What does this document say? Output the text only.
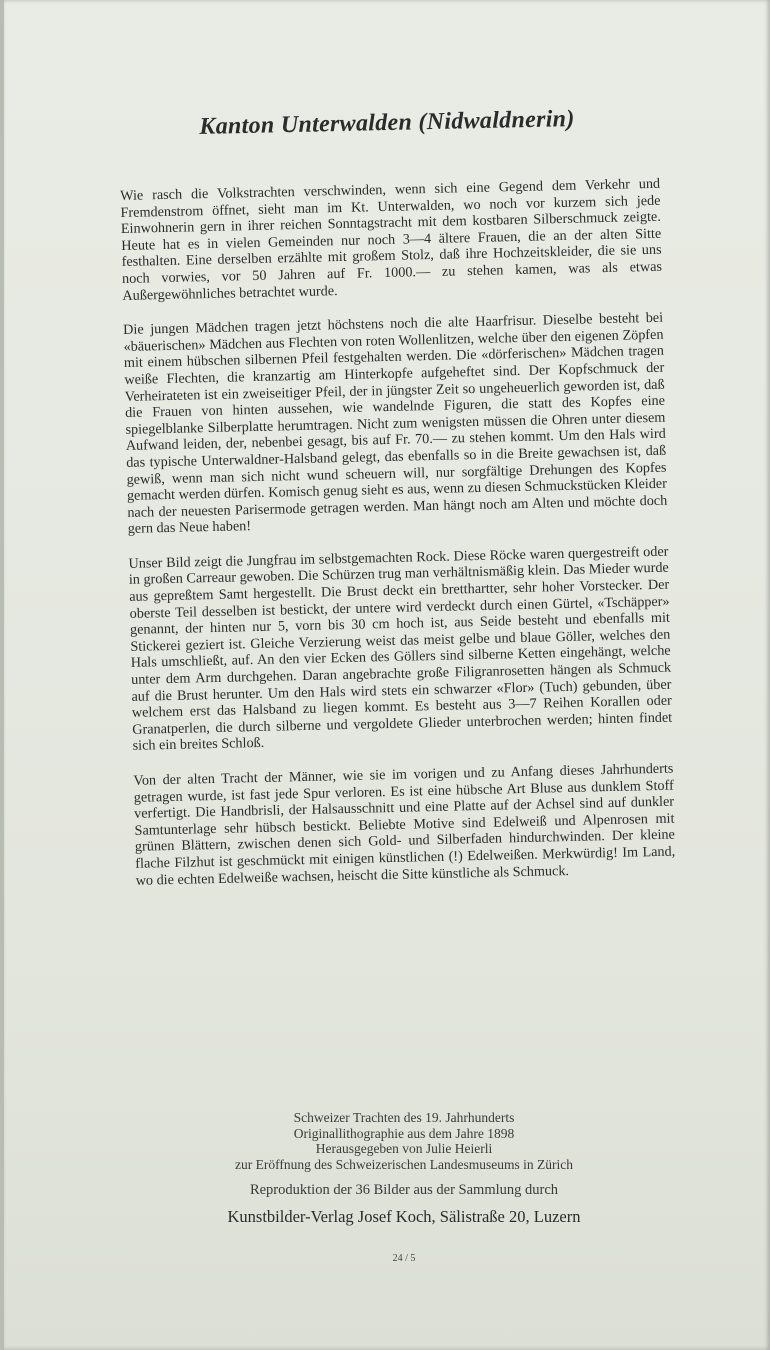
Kanton Unterwalden (Nidwaldnerin)

Wie rasch die Volkstrachten verschwinden, wenn sich eine Gegend dem Verkehr und Fremdenstrom öffnet, sieht man im Kt. Unterwalden, wo noch vor kurzem sich jede Einwohnerin gern in ihrer reichen Sonntagstracht mit dem kostbaren Silberschmuck zeigte. Heute hat es in vielen Gemeinden nur noch 3—4 ältere Frauen, die an der alten Sitte festhalten. Eine derselben erzählte mit großem Stolz, daß ihre Hochzeitskleider, die sie uns noch vorwies, vor 50 Jahren auf Fr. 1000.— zu stehen kamen, was als etwas Außergewöhnliches betrachtet wurde.

Die jungen Mädchen tragen jetzt höchstens noch die alte Haarfrisur. Dieselbe besteht bei «bäuerischen» Mädchen aus Flechten von roten Wollenlitzen, welche über den eigenen Zöpfen mit einem hübschen silbernen Pfeil festgehalten werden. Die «dörferischen» Mädchen tragen weiße Flechten, die kranzartig am Hinterkopfe aufgeheftet sind. Der Kopfschmuck der Verheirateten ist ein zweiseitiger Pfeil, der in jüngster Zeit so ungeheuerlich geworden ist, daß die Frauen von hinten aussehen, wie wandelnde Figuren, die statt des Kopfes eine spiegelblanke Silberplatte herumtragen. Nicht zum wenigsten müssen die Ohren unter diesem Aufwand leiden, der, nebenbei gesagt, bis auf Fr. 70.— zu stehen kommt. Um den Hals wird das typische Unterwaldner-Halsband gelegt, das ebenfalls so in die Breite gewachsen ist, daß gewiß, wenn man sich nicht wund scheuern will, nur sorgfältige Drehungen des Kopfes gemacht werden dürfen. Komisch genug sieht es aus, wenn zu diesen Schmuckstücken Kleider nach der neuesten Parisermode getragen werden. Man hängt noch am Alten und möchte doch gern das Neue haben!

Unser Bild zeigt die Jungfrau im selbstgemachten Rock. Diese Röcke waren quergestreift oder in großen Carreaur gewoben. Die Schürzen trug man verhältnismäßig klein. Das Mieder wurde aus gepreßtem Samt hergestellt. Die Brust deckt ein bretthartter, sehr hoher Vorstecker. Der oberste Teil desselben ist bestickt, der untere wird verdeckt durch einen Gürtel, «Tschäpper» genannt, der hinten nur 5, vorn bis 30 cm hoch ist, aus Seide besteht und ebenfalls mit Stickerei geziert ist. Gleiche Verzierung weist das meist gelbe und blaue Göller, welches den Hals umschließt, auf. An den vier Ecken des Göllers sind silberne Ketten eingehängt, welche unter dem Arm durchgehen. Daran angebrachte große Filigranrosetten hängen als Schmuck auf die Brust herunter. Um den Hals wird stets ein schwarzer «Flor» (Tuch) gebunden, über welchem erst das Halsband zu liegen kommt. Es besteht aus 3—7 Reihen Korallen oder Granatperlen, die durch silberne und vergoldete Glieder unterbrochen werden; hinten findet sich ein breites Schloß.

Von der alten Tracht der Männer, wie sie im vorigen und zu Anfang dieses Jahrhunderts getragen wurde, ist fast jede Spur verloren. Es ist eine hübsche Art Bluse aus dunklem Stoff verfertigt. Die Handbrisli, der Halsausschnitt und eine Platte auf der Achsel sind auf dunkler Samtunterlage sehr hübsch bestickt. Beliebte Motive sind Edelweiß und Alpenrosen mit grünen Blättern, zwischen denen sich Gold- und Silberfaden hindurchwinden. Der kleine flache Filzhut ist geschmückt mit einigen künstlichen (!) Edelweißen. Merkwürdig! Im Land, wo die echten Edelweiße wachsen, heischt die Sitte künstliche als Schmuck.

Schweizer Trachten des 19. Jahrhunderts
Originallithographie aus dem Jahre 1898
Herausgegeben von Julie Heierli
zur Eröffnung des Schweizerischen Landesmuseums in Zürich
Reproduktion der 36 Bilder aus der Sammlung durch
Kunstbilder-Verlag Josef Koch, Sälistraße 20, Luzern
24 / 5
